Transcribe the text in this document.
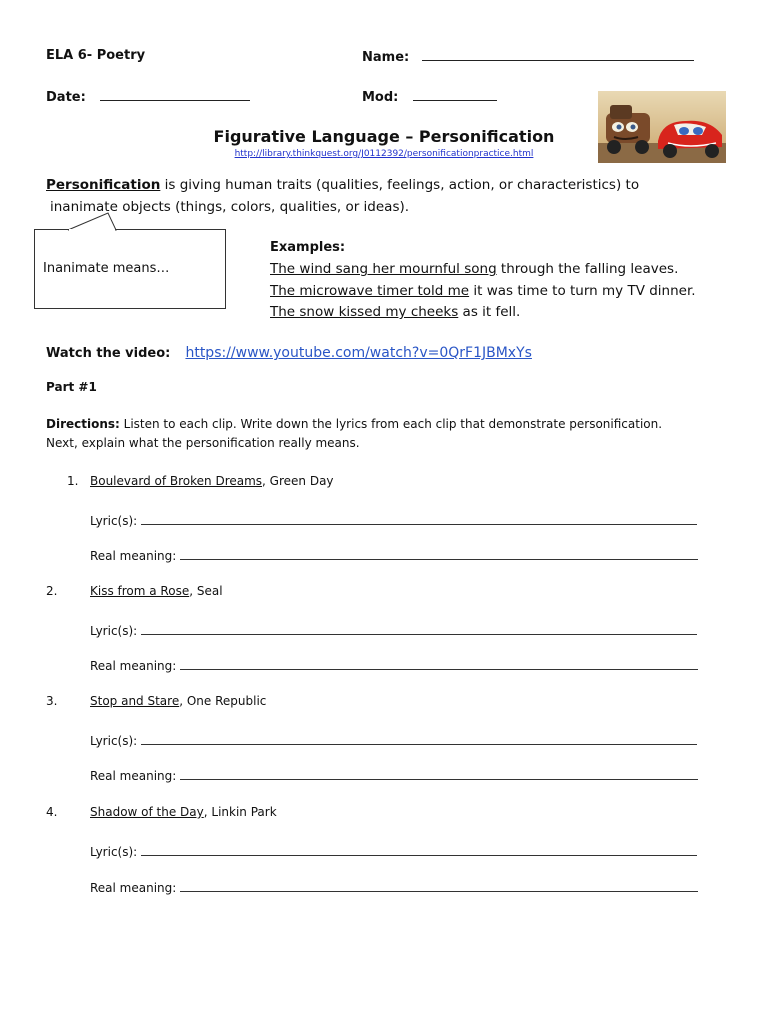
ELA 6- Poetry	Name:
Date:	Mod:
Figurative Language – Personification
http://library.thinkquest.org/J0112392/personificationpractice.html
Personification is giving human traits (qualities, feelings, action, or characteristics) to
inanimate objects (things, colors, qualities, or ideas).
Inanimate means…
Examples:
The wind sang her mournful song through the falling leaves.
The microwave timer told me it was time to turn my TV dinner.
The snow kissed my cheeks as it fell.
Watch the video: https://www.youtube.com/watch?v=0QrF1JBMxYs
Part #1
Directions: Listen to each clip. Write down the lyrics from each clip that demonstrate personification.
Next, explain what the personification really means.
1. Boulevard of Broken Dreams, Green Day
Lyric(s):
Real meaning:
2.	Kiss from a Rose, Seal
Lyric(s):
Real meaning:
3.	Stop and Stare, One Republic
Lyric(s):
Real meaning:
4.	Shadow of the Day, Linkin Park
Lyric(s):
Real meaning:
